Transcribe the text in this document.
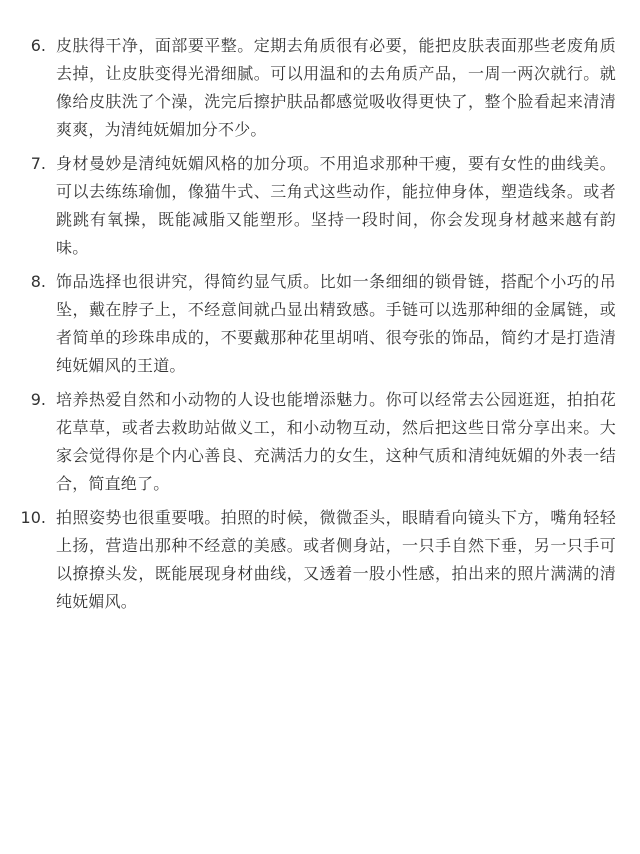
6. 皮肤得干净，面部要平整。定期去角质很有必要，能把皮肤表面那些老废角质去掉，让皮肤变得光滑细腻。可以用温和的去角质产品，一周一两次就行。就像给皮肤洗了个澡，洗完后擦护肤品都感觉吸收得更快了，整个脸看起来清清爽爽，为清纯妩媚加分不少。
7. 身材曼妙是清纯妩媚风格的加分项。不用追求那种干瘦，要有女性的曲线美。可以去练练瑜伽，像猫牛式、三角式这些动作，能拉伸身体，塑造线条。或者跳跳有氧操，既能减脂又能塑形。坚持一段时间，你会发现身材越来越有韵味。
8. 饰品选择也很讲究，得简约显气质。比如一条细细的锁骨链，搭配个小巧的吊坠，戴在脖子上，不经意间就凸显出精致感。手链可以选那种细的金属链，或者简单的珍珠串成的，不要戴那种花里胡哨、很夸张的饰品，简约才是打造清纯妩媚风的王道。
9. 培养热爱自然和小动物的人设也能增添魅力。你可以经常去公园逛逛，拍拍花花草草，或者去救助站做义工，和小动物互动，然后把这些日常分享出来。大家会觉得你是个内心善良、充满活力的女生，这种气质和清纯妩媚的外表一结合，简直绝了。
10. 拍照姿势也很重要哦。拍照的时候，微微歪头，眼睛看向镜头下方，嘴角轻轻上扬，营造出那种不经意的美感。或者侧身站，一只手自然下垂，另一只手可以撩撩头发，既能展现身材曲线，又透着一股小性感，拍出来的照片满满的清纯妩媚风。
